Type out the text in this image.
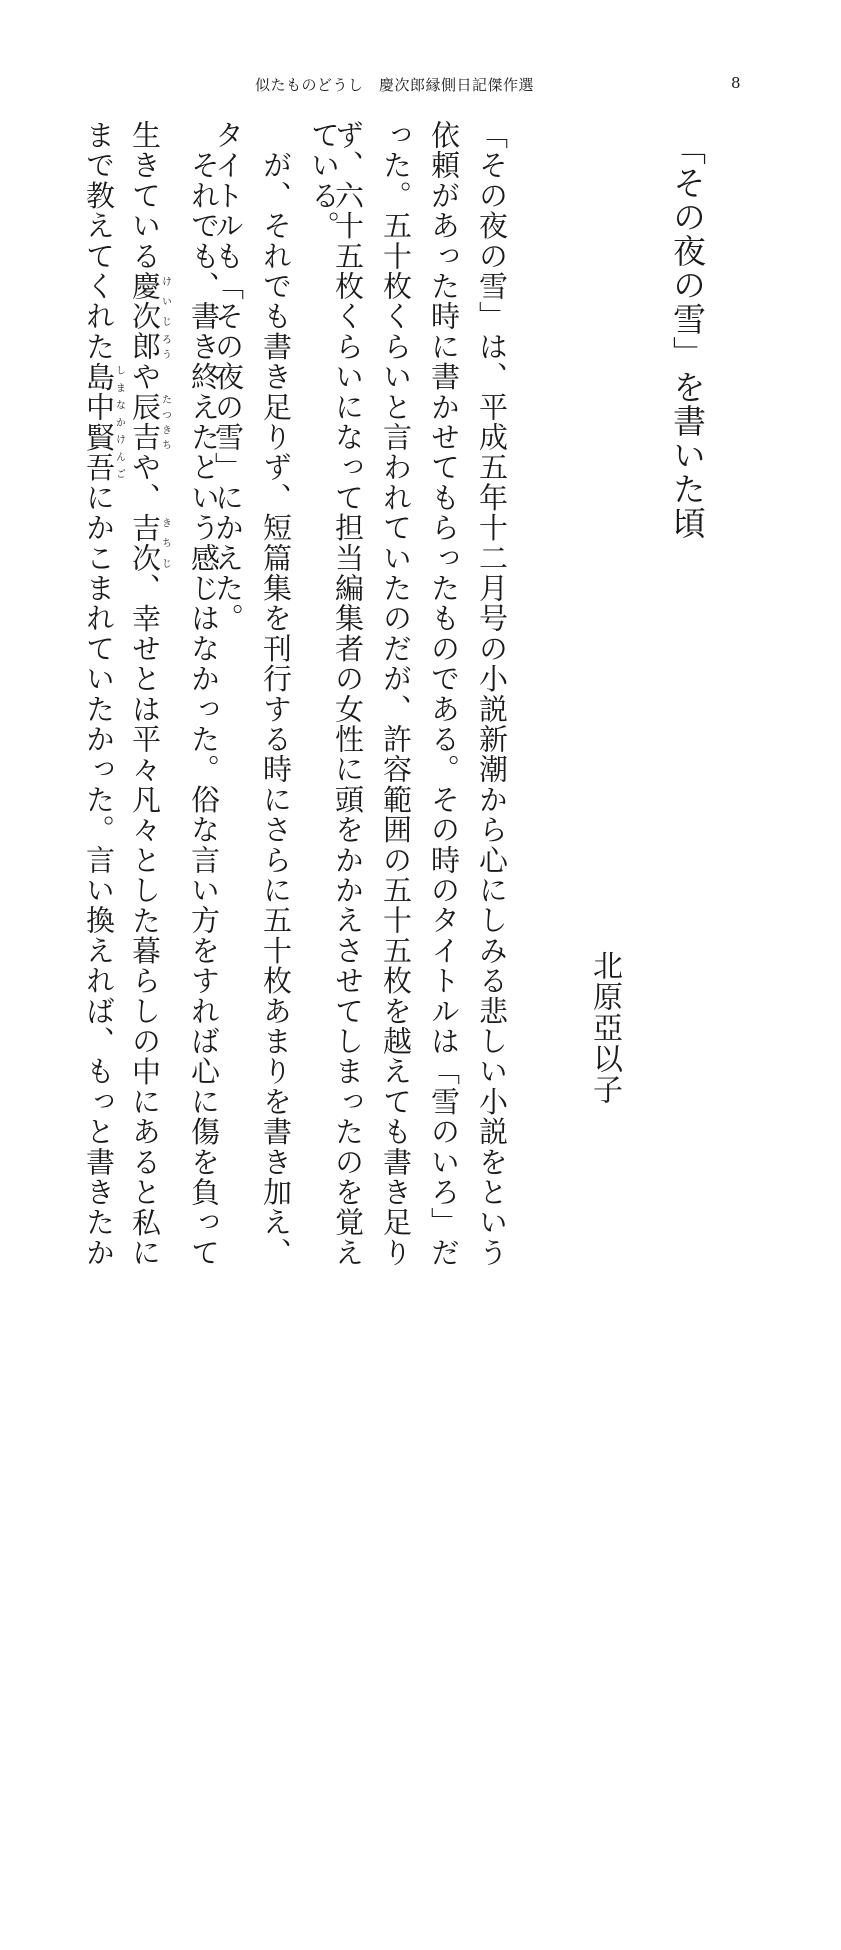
似たものどうし　慶次郎縁側日記傑作選	8
「その夜の雪」を書いた頃
北原亞以子
「その夜の雪」は、平成五年十二月号の小説新潮から心にしみる悲しい小説をという
依頼があった時に書かせてもらったものである。その時のタイトルは「雪のいろ」だ
った。五十枚くらいと言われていたのだが、許容範囲の五十五枚を越えても書き足り
ず、六十五枚くらいになって担当編集者の女性に頭をかかえさせてしまったのを覚え
ている。
　が、それでも書き足りず、短篇集を刊行する時にさらに五十枚あまりを書き加え、
タイトルも「その夜の雪」にかえた。
　それでも、書き終えたという感じはなかった。俗な言い方をすれば心に傷を負って
生きている慶次けいじ郎ろうや辰吉たつきちや、吉次きちじ、幸せとは平々凡々とした暮らしの中にあると私に
まで教えてくれた島中賢吾しまなかけんごにかこまれていたかった。言い換えれば、もっと書きたか
